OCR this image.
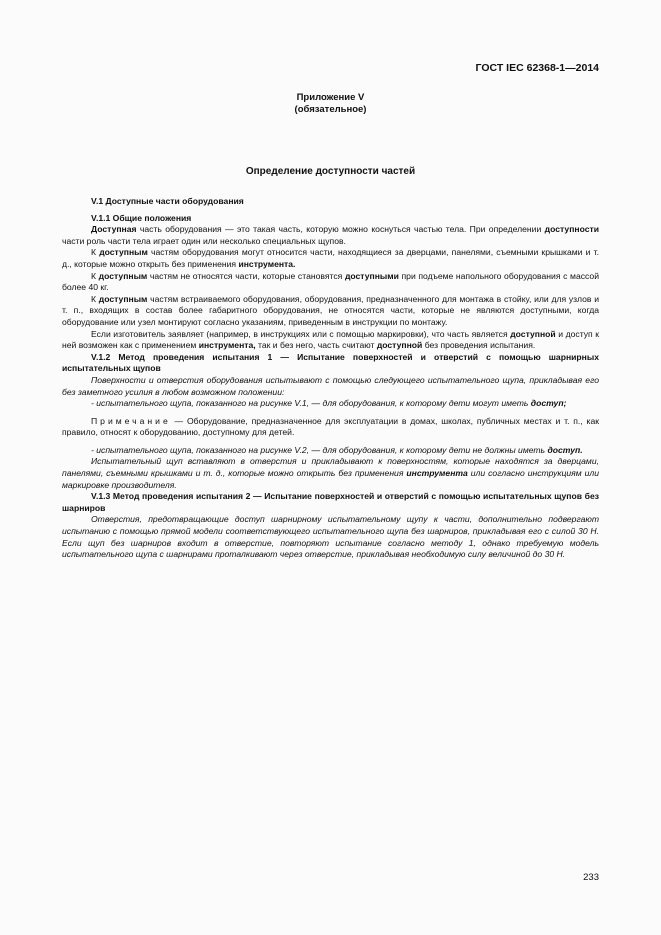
ГОСТ IEC 62368-1—2014
Приложение V
(обязательное)
Определение доступности частей

V.1 Доступные части оборудования

V.1.1 Общие положения

Доступная часть оборудования — это такая часть, которую можно коснуться частью тела. При определении доступности части роль части тела играет один или несколько специальных щупов.

К доступным частям оборудования могут относится части, находящиеся за дверцами, панелями, съемными крышками и т. д., которые можно открыть без применения инструмента.

К доступным частям не относятся части, которые становятся доступными при подъеме напольного оборудования с массой более 40 кг.

К доступным частям встраиваемого оборудования, оборудования, предназначенного для монтажа в стойку, или для узлов и т. п., входящих в состав более габаритного оборудования, не относятся части, которые не являются доступными, когда оборудование или узел монтируют согласно указаниям, приведенным в инструкции по монтажу.

Если изготовитель заявляет (например, в инструкциях или с помощью маркировки), что часть является доступной и доступ к ней возможен как с применением инструмента, так и без него, часть считают доступной без проведения испытания.

V.1.2 Метод проведения испытания 1 — Испытание поверхностей и отверстий с помощью шарнирных испытательных щупов

Поверхности и отверстия оборудования испытывают с помощью следующего испытательного щупа, прикладывая его без заметного усилия в любом возможном положении:

- испытательного щупа, показанного на рисунке V.1, — для оборудования, к которому дети могут иметь доступ;

Примечание — Оборудование, предназначенное для эксплуатации в домах, школах, публичных местах и т. п., как правило, относят к оборудованию, доступному для детей.

- испытательного щупа, показанного на рисунке V.2, — для оборудования, к которому дети не должны иметь доступ.

Испытательный щуп вставляют в отверстия и прикладывают к поверхностям, которые находятся за дверцами, панелями, съемными крышками и т. д., которые можно открыть без применения инструмента или согласно инструкциям или маркировке производителя.

V.1.3 Метод проведения испытания 2 — Испытание поверхностей и отверстий с помощью испытательных щупов без шарниров

Отверстия, предотвращающие доступ шарнирному испытательному щупу к части, дополнительно подвергают испытанию с помощью прямой модели соответствующего испытательного щупа без шарниров, прикладывая его с силой 30 Н. Если щуп без шарниров входит в отверстие, повторяют испытание согласно методу 1, однако требуемую модель испытательного щупа с шарнирами проталкивают через отверстие, прикладывая необходимую силу величиной до 30 Н.

233
